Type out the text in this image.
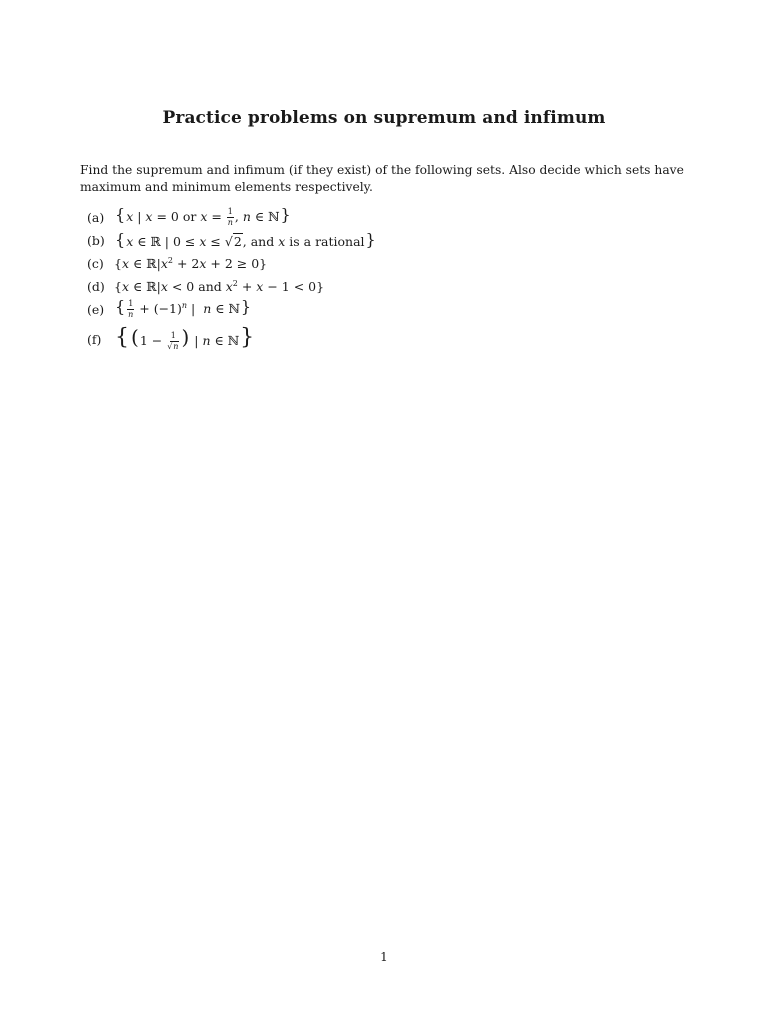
Practice problems on supremum and infimum
Find the supremum and infimum (if they exist) of the following sets. Also decide which sets have maximum and minimum elements respectively.
(a) {x | x = 0 or $x = \frac{1}{n}$ , n ∈ ℕ}
(b) {x ∈ ℝ | 0 ≤ x ≤ √2, and x is a rational}
(c) {x ∈ $ℝ|x^2 + 2x + 2 \ge 0$}
(d) {x ∈ ℝ|x < 0 and $x^2 + x - 1 < 0$}
(e) { $\frac{1}{n} + (-1)^n$ |  n ∈ ℕ}
(f) { ($1 - \frac{1}{√n}$ ) | n ∈ ℕ}
1
